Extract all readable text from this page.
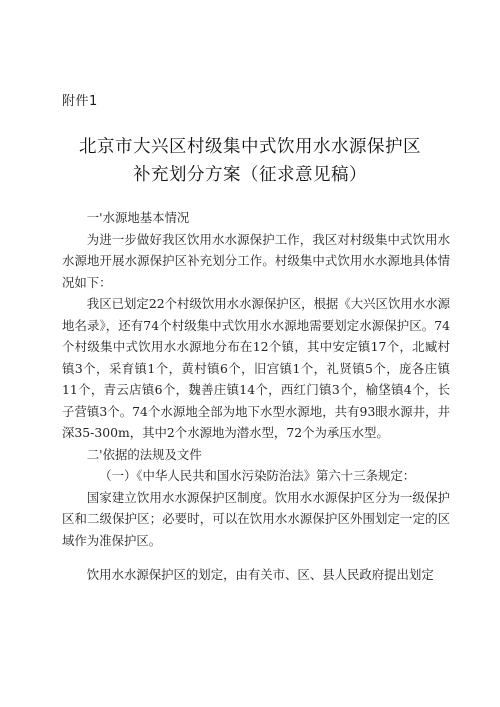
附件1
北京市大兴区村级集中式饮用水水源保护区
补充划分方案（征求意见稿）

一'水源地基本情况

为进一步做好我区饮用水水源保护工作，我区对村级集中式饮用水水源地开展水源保护区补充划分工作。村级集中式饮用水水源地具体情况如下：

我区已划定22个村级饮用水水源保护区，根据《大兴区饮用水水源地名录》，还有74个村级集中式饮用水水源地需要划定水源保护区。74个村级集中式饮用水水源地分布在12个镇，其中安定镇17个，北臧村镇3个，采育镇1个，黄村镇6个，旧宫镇1个，礼贤镇5个，庞各庄镇11个，青云店镇6个，魏善庄镇14个，西红门镇3个，榆垡镇4个，长子营镇3个。74个水源地全部为地下水型水源地，共有93眼水源井，井深35-300m，其中2个水源地为潜水型，72个为承压水型。

二'依据的法规及文件

（一）《中华人民共和国水污染防治法》第六十三条规定：

国家建立饮用水水源保护区制度。饮用水水源保护区分为一级保护区和二级保护区；必要时，可以在饮用水水源保护区外围划定一定的区域作为准保护区。

饮用水水源保护区的划定，由有关市、区、县人民政府提出划定
